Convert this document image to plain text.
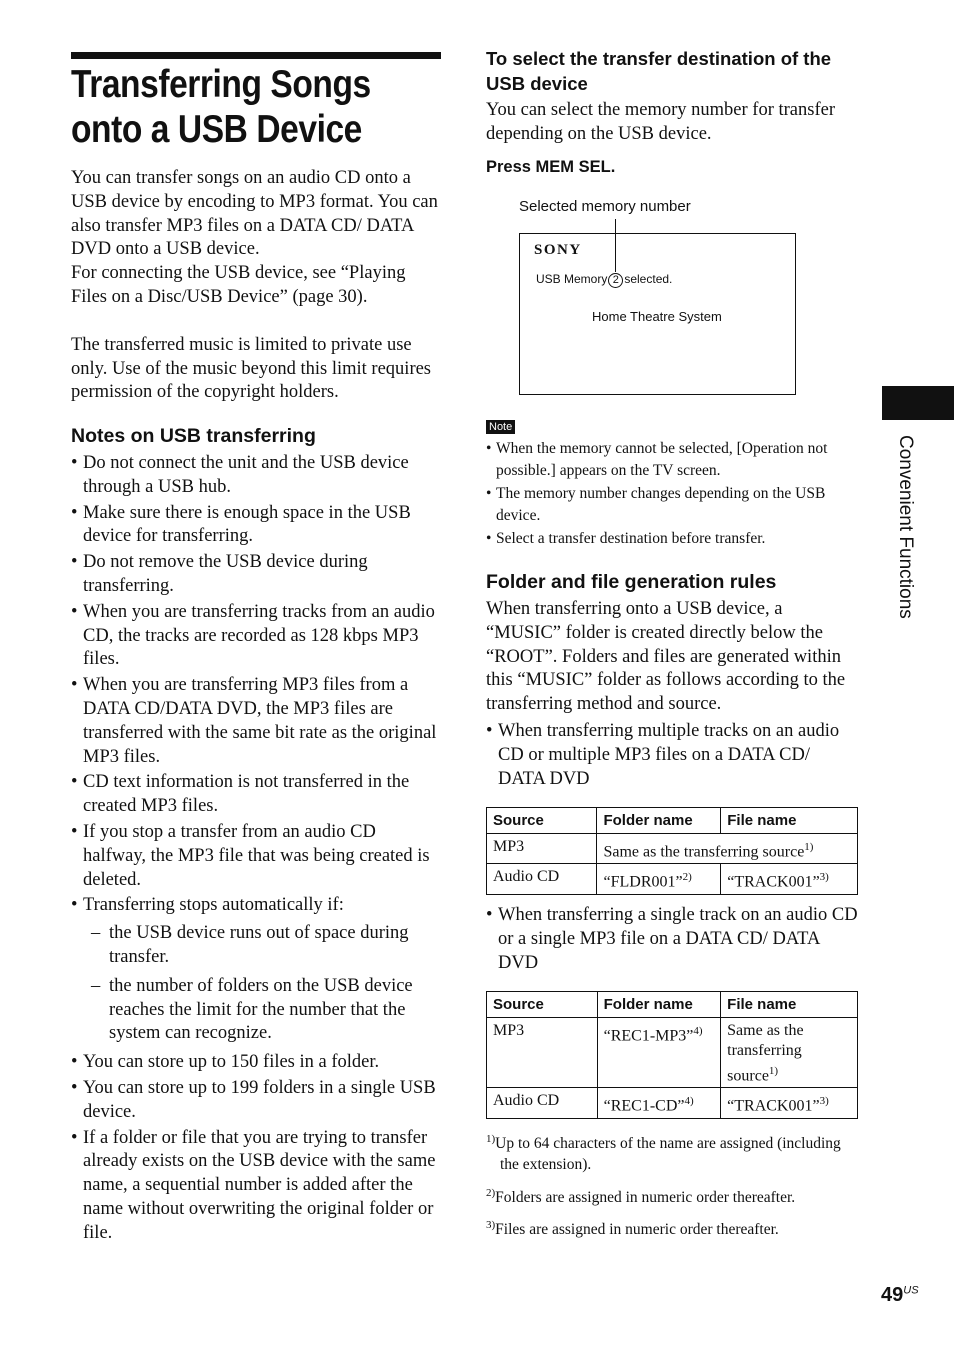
Transferring Songs onto a USB Device

You can transfer songs on an audio CD onto a USB device by encoding to MP3 format. You can also transfer MP3 files on a DATA CD/ DATA DVD onto a USB device.

For connecting the USB device, see “Playing Files on a Disc/USB Device” (page 30).

The transferred music is limited to private use only. Use of the music beyond this limit requires permission of the copyright holders.

Notes on USB transferring
• Do not connect the unit and the USB device through a USB hub.
• Make sure there is enough space in the USB device for transferring.
• Do not remove the USB device during transferring.
• When you are transferring tracks from an audio CD, the tracks are recorded as 128 kbps MP3 files.
• When you are transferring MP3 files from a DATA CD/DATA DVD, the MP3 files are transferred with the same bit rate as the original MP3 files.
• CD text information is not transferred in the created MP3 files.
• If you stop a transfer from an audio CD halfway, the MP3 file that was being created is deleted.
• Transferring stops automatically if:
– the USB device runs out of space during transfer.
– the number of folders on the USB device reaches the limit for the number that the system can recognize.
• You can store up to 150 files in a folder.
• You can store up to 199 folders in a single USB device.
• If a folder or file that you are trying to transfer already exists on the USB device with the same name, a sequential number is added after the name without overwriting the original folder or file.
To select the transfer destination of the USB device

You can select the memory number for transfer depending on the USB device.

Press MEM SEL.
Selected memory number
SONY
USB Memory 2 selected.
Home Theatre System
Note
• When the memory cannot be selected, [Operation not possible.] appears on the TV screen.
• The memory number changes depending on the USB device.
• Select a transfer destination before transfer.
Folder and file generation rules

When transferring onto a USB device, a “MUSIC” folder is created directly below the “ROOT”. Folders and files are generated within this “MUSIC” folder as follows according to the transferring method and source.

• When transferring multiple tracks on an audio CD or multiple MP3 files on a DATA CD/ DATA DVD
Source	Folder name	File name
MP3	Same as the transferring source$^{1)}$
Audio CD	“FLDR001”$^{2)}$	“TRACK001”$^{3)}$
• When transferring a single track on an audio CD or a single MP3 file on a DATA CD/ DATA DVD
Source	Folder name	File name
MP3	“REC1-MP3”$^{4)}$	Same as the transferring source$^{1)}$
Audio CD	“REC1-CD”$^{4)}$	“TRACK001”$^{3)}$
$^{1)}$Up to 64 characters of the name are assigned (including the extension).
$^{2)}$Folders are assigned in numeric order thereafter.
$^{3)}$Files are assigned in numeric order thereafter.
Convenient Functions
$49^{US}$
